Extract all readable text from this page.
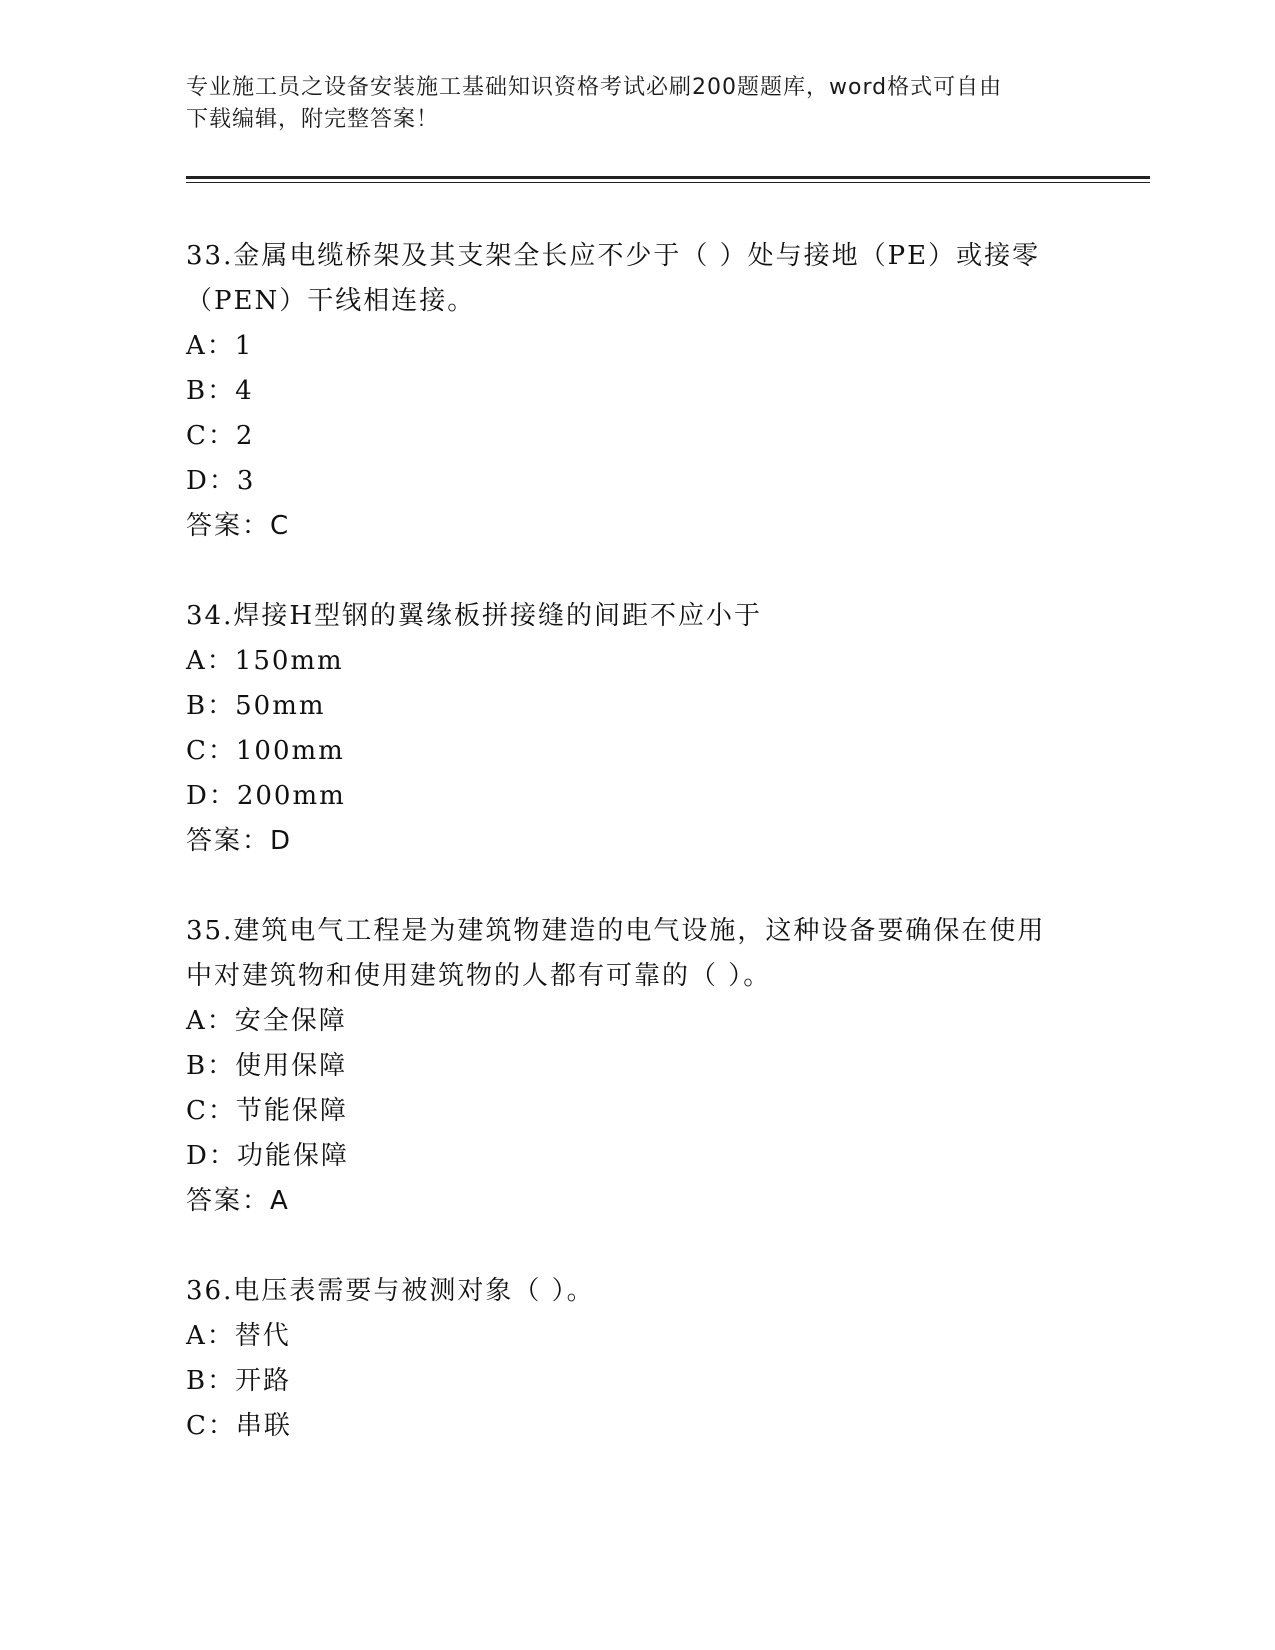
专业施工员之设备安装施工基础知识资格考试必刷200题题库，word格式可自由
下载编辑，附完整答案！
33.金属电缆桥架及其支架全长应不少于（ ）处与接地（PE）或接零
（PEN）干线相连接。
A：1
B：4
C：2
D：3
答案：C
34.焊接H型钢的翼缘板拼接缝的间距不应小于
A：150mm
B：50mm
C：100mm
D：200mm
答案：D
35.建筑电气工程是为建筑物建造的电气设施，这种设备要确保在使用
中对建筑物和使用建筑物的人都有可靠的（ ）。
A：安全保障
B：使用保障
C：节能保障
D：功能保障
答案：A
36.电压表需要与被测对象（ ）。
A：替代
B：开路
C：串联
